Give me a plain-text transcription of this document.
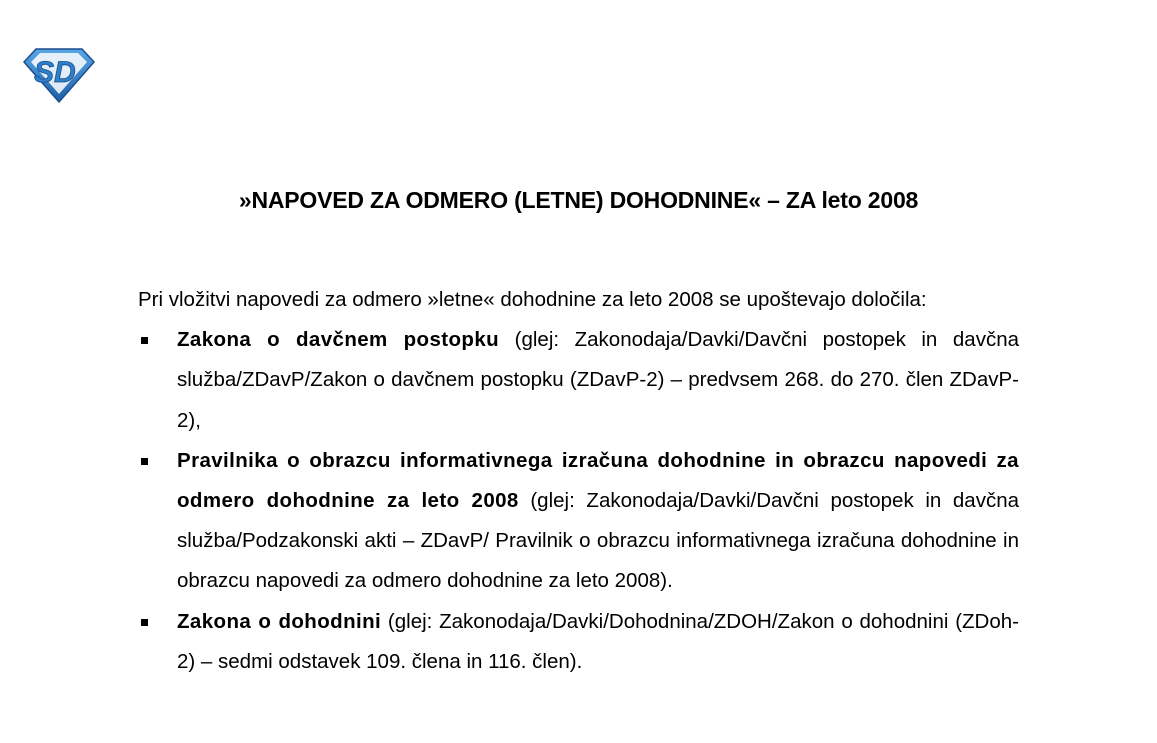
SD
»NAPOVED ZA ODMERO (LETNE) DOHODNINE« – ZA leto 2008

Pri vložitvi napovedi za odmero »letne« dohodnine za leto 2008 se upoštevajo določila:

Zakona o davčnem postopku (glej: Zakonodaja/Davki/Davčni postopek in davčna služba/ZDavP/Zakon o davčnem postopku (ZDavP-2) – predvsem 268. do 270. člen ZDavP-2),
Pravilnika o obrazcu informativnega izračuna dohodnine in obrazcu napovedi za odmero dohodnine za leto 2008 (glej: Zakonodaja/Davki/Davčni postopek in davčna služba/Podzakonski akti – ZDavP/ Pravilnik o obrazcu informativnega izračuna dohodnine in obrazcu napovedi za odmero dohodnine za leto 2008).
Zakona o dohodnini (glej: Zakonodaja/Davki/Dohodnina/ZDOH/Zakon o dohodnini (ZDoh-2) – sedmi odstavek 109. člena in 116. člen).
